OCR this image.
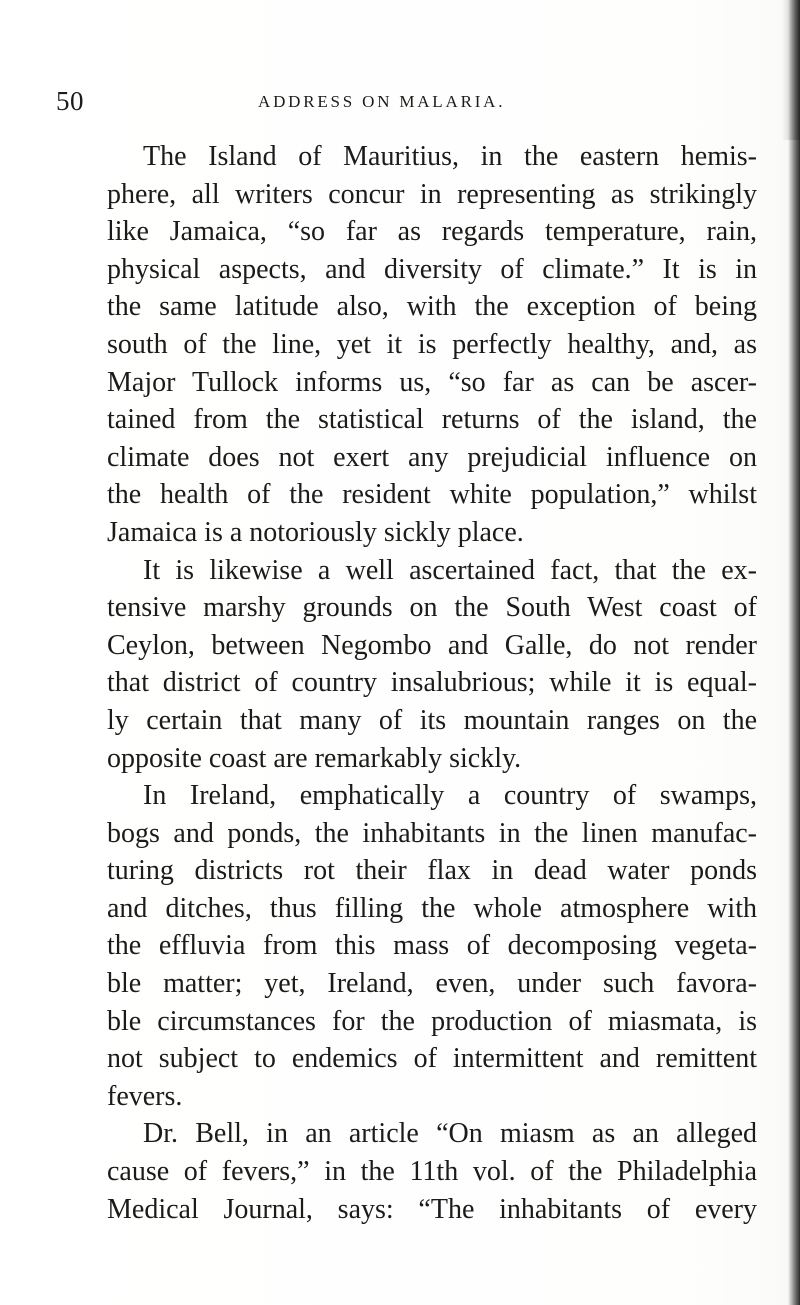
50	ADDRESS ON MALARIA.
The Island of Mauritius, in the eastern hemis-
phere, all writers concur in representing as strikingly
like Jamaica, “so far as regards temperature, rain,
physical aspects, and diversity of climate.” It is in
the same latitude also, with the exception of being
south of the line, yet it is perfectly healthy, and, as
Major Tullock informs us, “so far as can be ascer-
tained from the statistical returns of the island, the
climate does not exert any prejudicial influence on
the health of the resident white population,” whilst
Jamaica is a notoriously sickly place.
It is likewise a well ascertained fact, that the ex-
tensive marshy grounds on the South West coast of
Ceylon, between Negombo and Galle, do not render
that district of country insalubrious; while it is equal-
ly certain that many of its mountain ranges on the
opposite coast are remarkably sickly.
In Ireland, emphatically a country of swamps,
bogs and ponds, the inhabitants in the linen manufac-
turing districts rot their flax in dead water ponds
and ditches, thus filling the whole atmosphere with
the effluvia from this mass of decomposing vegeta-
ble matter; yet, Ireland, even, under such favora-
ble circumstances for the production of miasmata, is
not subject to endemics of intermittent and remittent
fevers.
Dr. Bell, in an article “On miasm as an alleged
cause of fevers,” in the 11th vol. of the Philadelphia
Medical Journal, says: “The inhabitants of every
